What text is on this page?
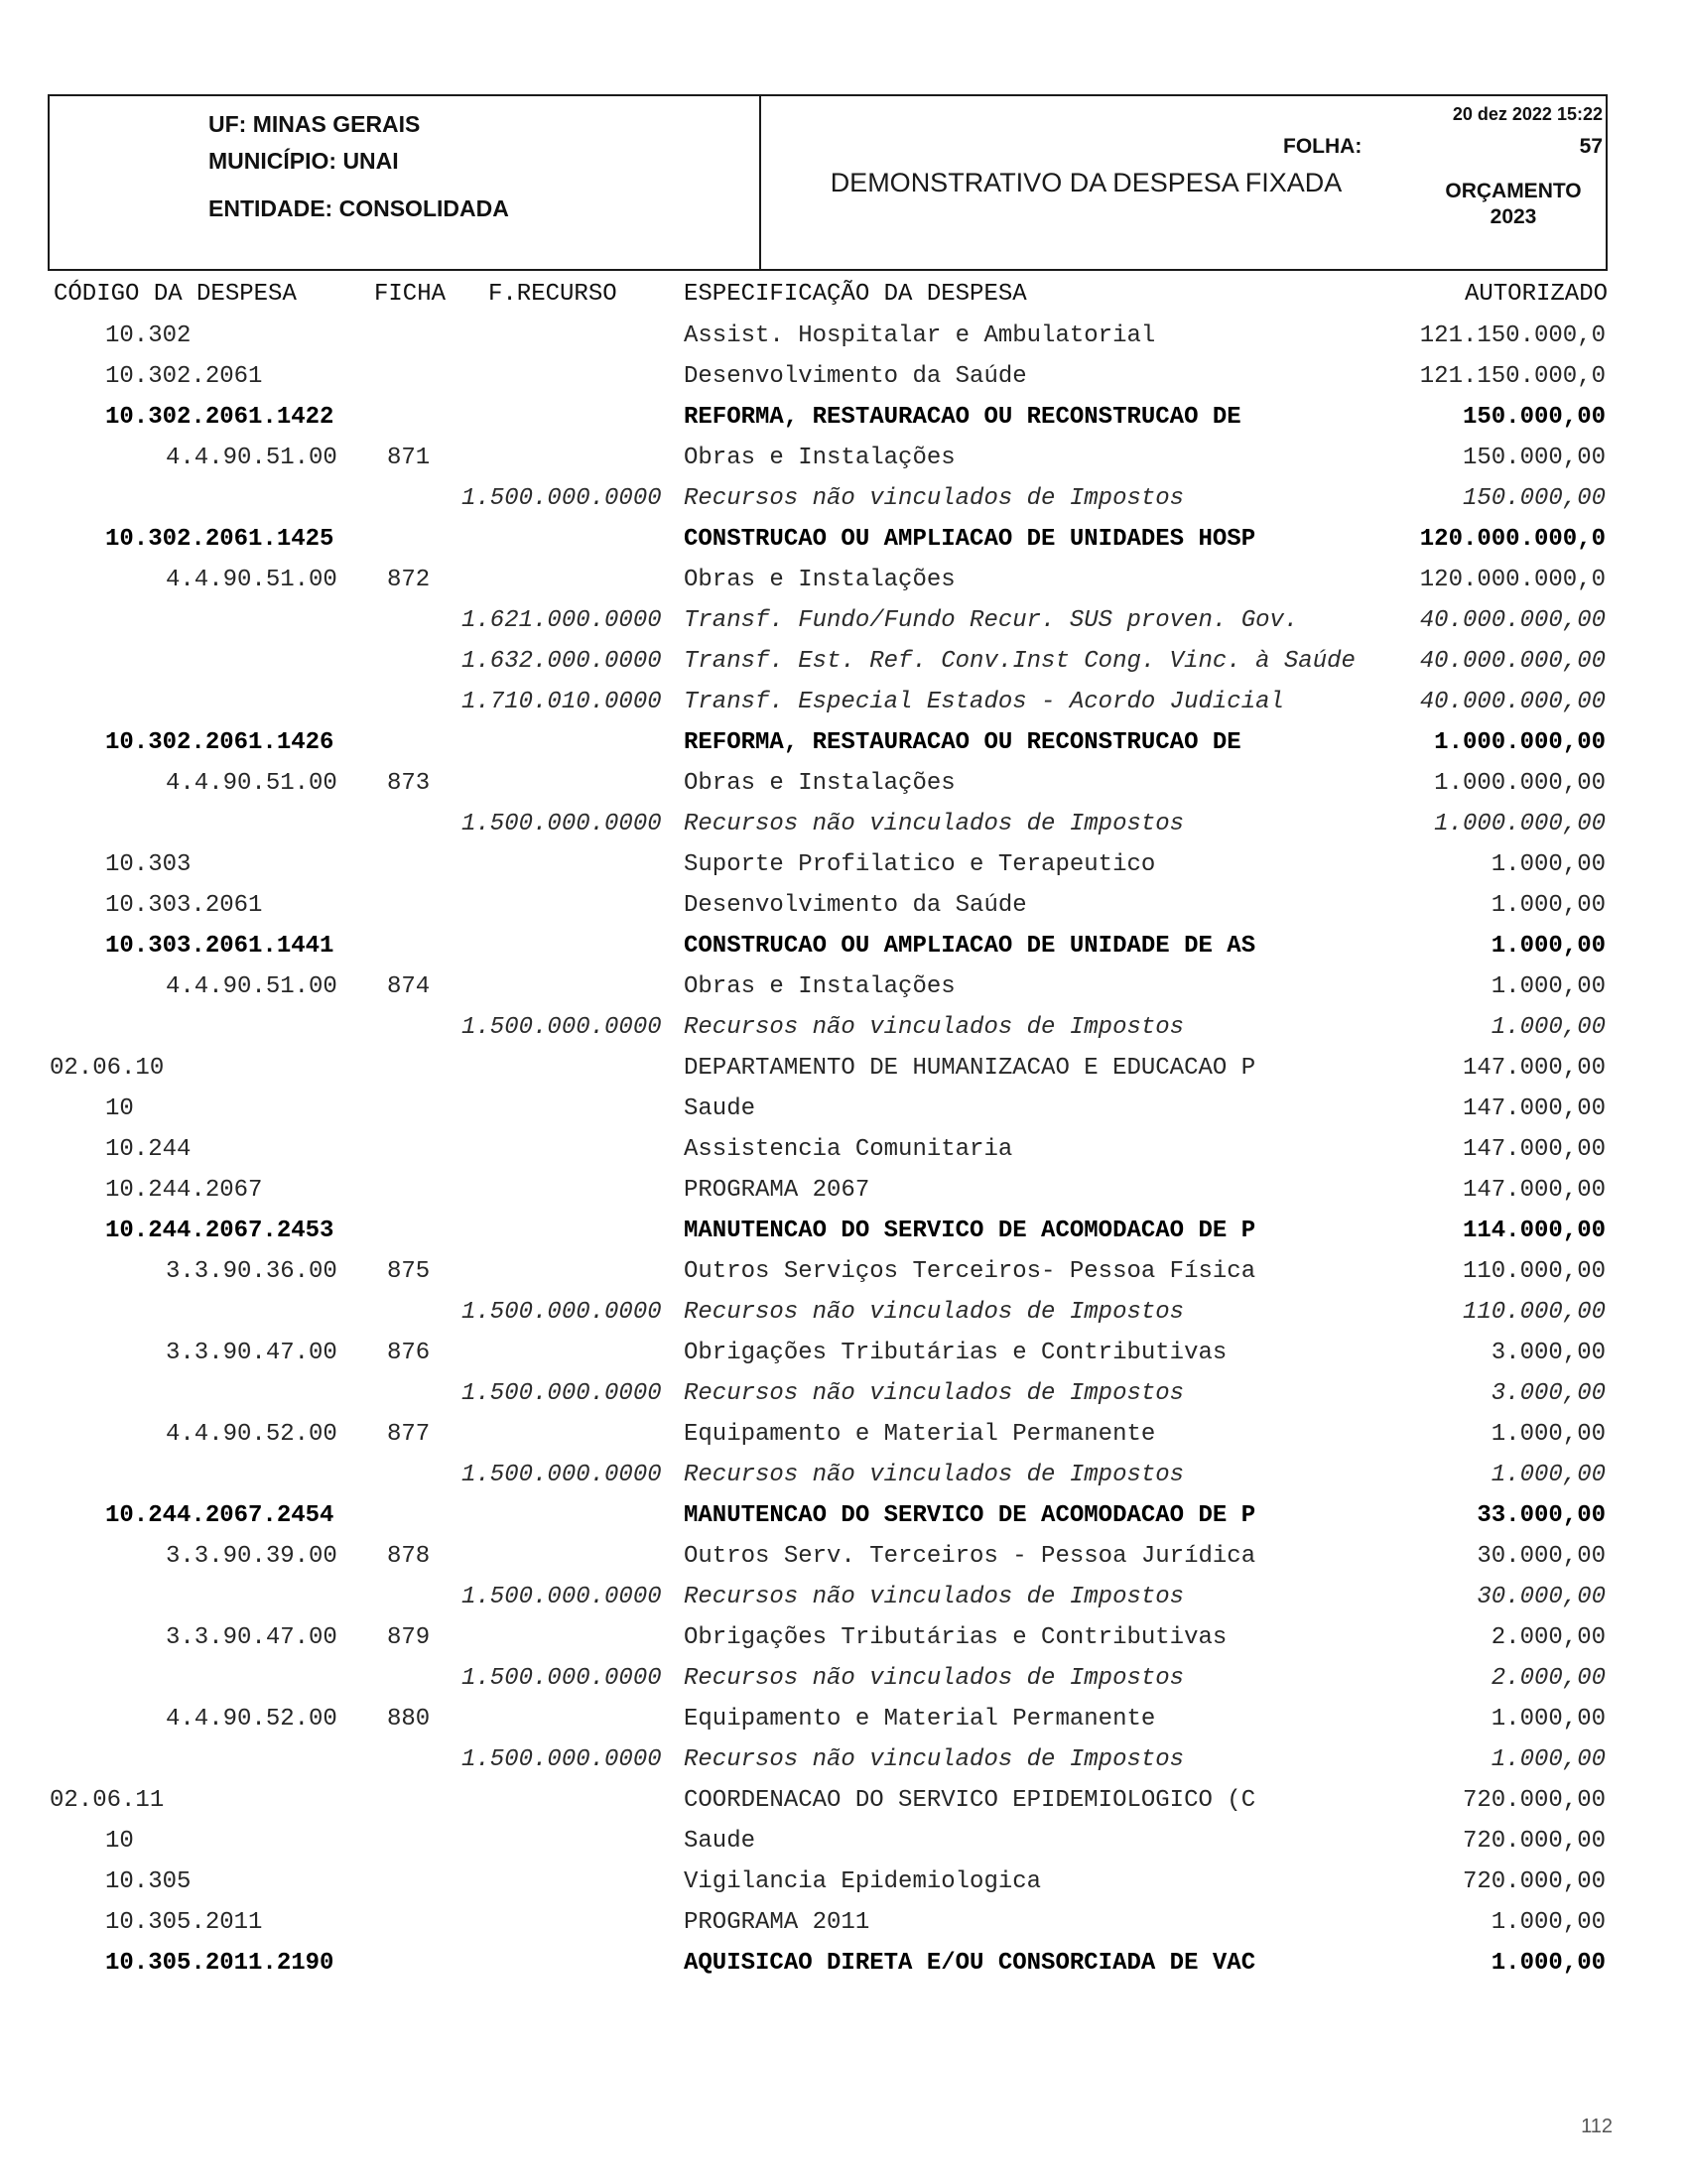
UF: MINAS GERAIS
MUNICÍPIO: UNAI
ENTIDADE: CONSOLIDADA
DEMONSTRATIVO DA DESPESA FIXADA
20 dez 2022 15:22
FOLHA:	57
ORÇAMENTO
2023
CÓDIGO DA DESPESA	FICHA F.RECURSO	ESPECIFICAÇÃO DA DESPESA	AUTORIZADO
10.302	Assist. Hospitalar e Ambulatorial	121.150.000,0
10.302.2061	Desenvolvimento da Saúde	121.150.000,0
10.302.2061.1422	REFORMA, RESTAURACAO OU RECONSTRUCAO DE	150.000,00
4.4.90.51.00	871	Obras e Instalações	150.000,00
1.500.000.0000 Recursos não vinculados de Impostos	150.000,00
10.302.2061.1425	CONSTRUCAO OU AMPLIACAO DE UNIDADES HOSP	120.000.000,0
4.4.90.51.00	872	Obras e Instalações	120.000.000,0
1.621.000.0000 Transf. Fundo/Fundo Recur. SUS proven. Gov.	40.000.000,00
1.632.000.0000 Transf. Est. Ref. Conv.Inst Cong. Vinc. à Saúde	40.000.000,00
1.710.010.0000 Transf. Especial Estados - Acordo Judicial	40.000.000,00
10.302.2061.1426	REFORMA, RESTAURACAO OU RECONSTRUCAO DE	1.000.000,00
4.4.90.51.00	873	Obras e Instalações	1.000.000,00
1.500.000.0000 Recursos não vinculados de Impostos	1.000.000,00
10.303	Suporte Profilatico e Terapeutico	1.000,00
10.303.2061	Desenvolvimento da Saúde	1.000,00
10.303.2061.1441	CONSTRUCAO OU AMPLIACAO DE UNIDADE DE AS	1.000,00
4.4.90.51.00	874	Obras e Instalações	1.000,00
1.500.000.0000 Recursos não vinculados de Impostos	1.000,00
02.06.10	DEPARTAMENTO DE HUMANIZACAO E EDUCACAO P	147.000,00
10	Saude	147.000,00
10.244	Assistencia Comunitaria	147.000,00
10.244.2067	PROGRAMA 2067	147.000,00
10.244.2067.2453	MANUTENCAO DO SERVICO DE ACOMODACAO DE P	114.000,00
3.3.90.36.00	875	Outros Serviços Terceiros- Pessoa Física	110.000,00
1.500.000.0000 Recursos não vinculados de Impostos	110.000,00
3.3.90.47.00	876	Obrigações Tributárias e Contributivas	3.000,00
1.500.000.0000 Recursos não vinculados de Impostos	3.000,00
4.4.90.52.00	877	Equipamento e Material Permanente	1.000,00
1.500.000.0000 Recursos não vinculados de Impostos	1.000,00
10.244.2067.2454	MANUTENCAO DO SERVICO DE ACOMODACAO DE P	33.000,00
3.3.90.39.00	878	Outros Serv. Terceiros - Pessoa Jurídica	30.000,00
1.500.000.0000 Recursos não vinculados de Impostos	30.000,00
3.3.90.47.00	879	Obrigações Tributárias e Contributivas	2.000,00
1.500.000.0000 Recursos não vinculados de Impostos	2.000,00
4.4.90.52.00	880	Equipamento e Material Permanente	1.000,00
1.500.000.0000 Recursos não vinculados de Impostos	1.000,00
02.06.11	COORDENACAO DO SERVICO EPIDEMIOLOGICO (C	720.000,00
10	Saude	720.000,00
10.305	Vigilancia Epidemiologica	720.000,00
10.305.2011	PROGRAMA 2011	1.000,00
10.305.2011.2190	AQUISICAO DIRETA E/OU CONSORCIADA DE VAC	1.000,00
112
